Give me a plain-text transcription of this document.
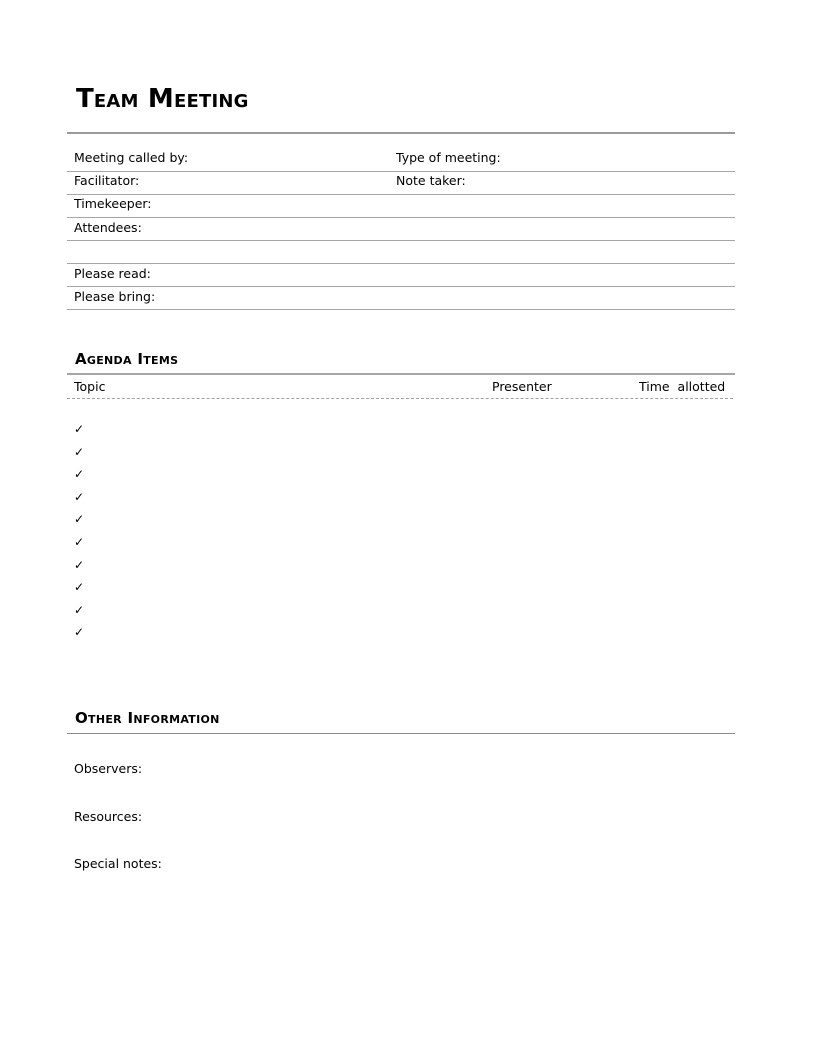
Team Meeting
Meeting called by:	Type of meeting:
Facilitator:	Note taker:
Timekeeper:
Attendees:
Please read:
Please bring:
Agenda Items
Topic	Presenter	Time  allotted
✓
✓
✓
✓
✓
✓
✓
✓
✓
✓
Other Information
Observers:
Resources:
Special notes:
